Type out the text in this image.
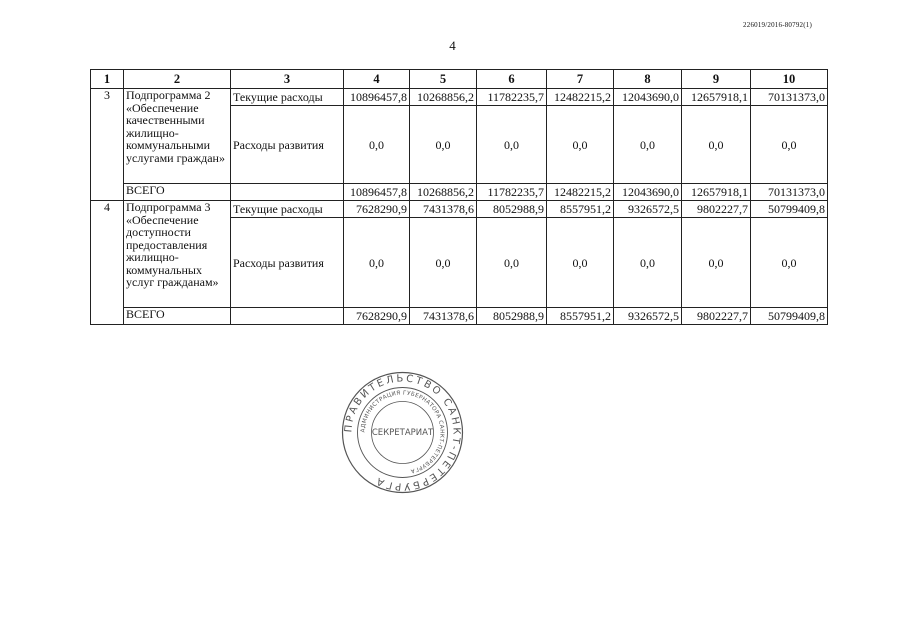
226019/2016-80792(1)
4
1	2	3	4	5	6	7	8	9	10
3	Подпрограмма 2 «Обеспечение качественными жилищно-коммунальными услугами граждан»	Текущие расходы	10896457,8	10268856,2	11782235,7	12482215,2	12043690,0	12657918,1	70131373,0
		Расходы развития	0,0	0,0	0,0	0,0	0,0	0,0	0,0
	ВСЕГО		10896457,8	10268856,2	11782235,7	12482215,2	12043690,0	12657918,1	70131373,0
4	Подпрограмма 3 «Обеспечение доступности предоставления жилищно-коммунальных услуг гражданам»	Текущие расходы	7628290,9	7431378,6	8052988,9	8557951,2	9326572,5	9802227,7	50799409,8
		Расходы развития	0,0	0,0	0,0	0,0	0,0	0,0	0,0
	ВСЕГО		7628290,9	7431378,6	8052988,9	8557951,2	9326572,5	9802227,7	50799409,8
ПРАВИТЕЛЬСТВО САНКТ-ПЕТЕРБУРГА
АДМИНИСТРАЦИЯ ГУБЕРНАТОРА САНКТ-ПЕТЕРБУРГА
СЕКРЕТАРИАТ
